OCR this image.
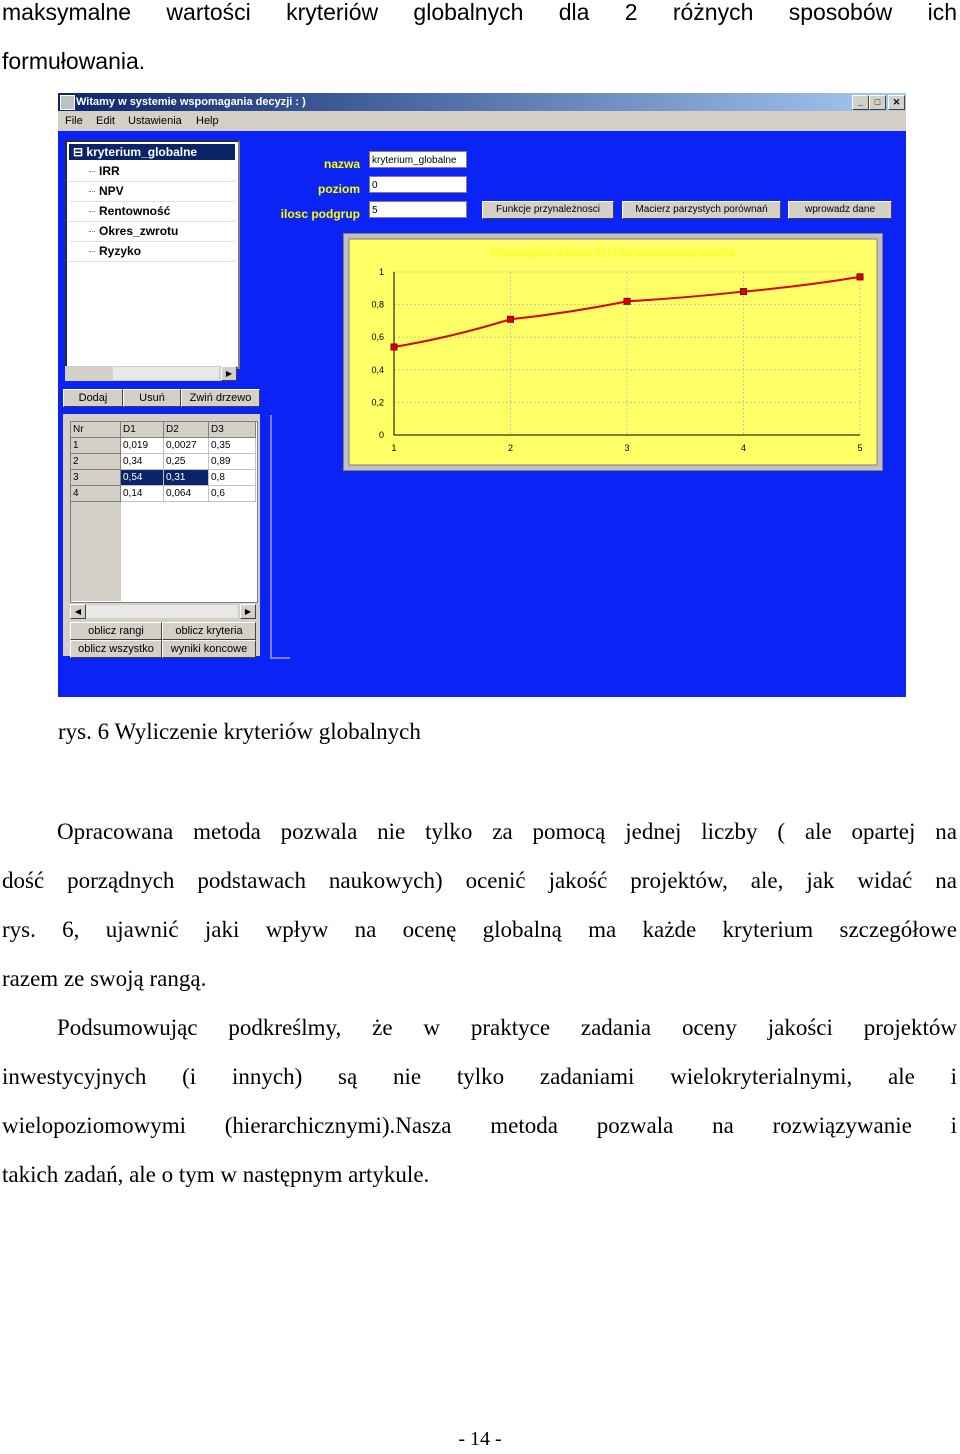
maksymalne wartości kryteriów globalnych dla 2 różnych sposobów ich
formułowania.
Witamy w systemie wspomagania decyzji : )	_	□	✕
File Edit Ustawienia Help
⊟ kryterium_globalne
IRR
NPV
Rentowność
Okres_zwrotu
Ryzyko
▶
Dodaj	Usuń	Zwiń drzewo
Nr	D1	D2	D3
1	0,019	0,0027	0,35
2	0,34	0,25	0,89
3	0,54	0,31	0,8
4	0,14	0,064	0,6
◀	▶
oblicz rangi	oblicz kryteria
oblicz wszystko	wyniki koncowe
nazwa	kryterium_globalne
poziom	0
ilosc podgrup	5	Funkcje przynależnosci	Macierz parzystych porównań	wprowadz dane
Poszczególne wartości f(x)*l dla wyróżnionego projektu
0
0,2
0,4
0,6
0,8
1
1	2	3	4	5
rys. 6 Wyliczenie kryteriów globalnych
Opracowana metoda pozwala nie tylko za pomocą jednej liczby ( ale opartej na
dość porządnych podstawach naukowych) ocenić jakość projektów, ale, jak widać na
rys. 6, ujawnić jaki wpływ na ocenę globalną ma każde kryterium szczegółowe
razem ze swoją rangą.
Podsumowując podkreślmy, że w praktyce zadania oceny jakości projektów
inwestycyjnych (i innych) są nie tylko zadaniami wielokryterialnymi, ale i
wielopoziomowymi (hierarchicznymi).Nasza metoda pozwala na rozwiązywanie i
takich zadań, ale o tym w następnym artykule.
- 14 -
